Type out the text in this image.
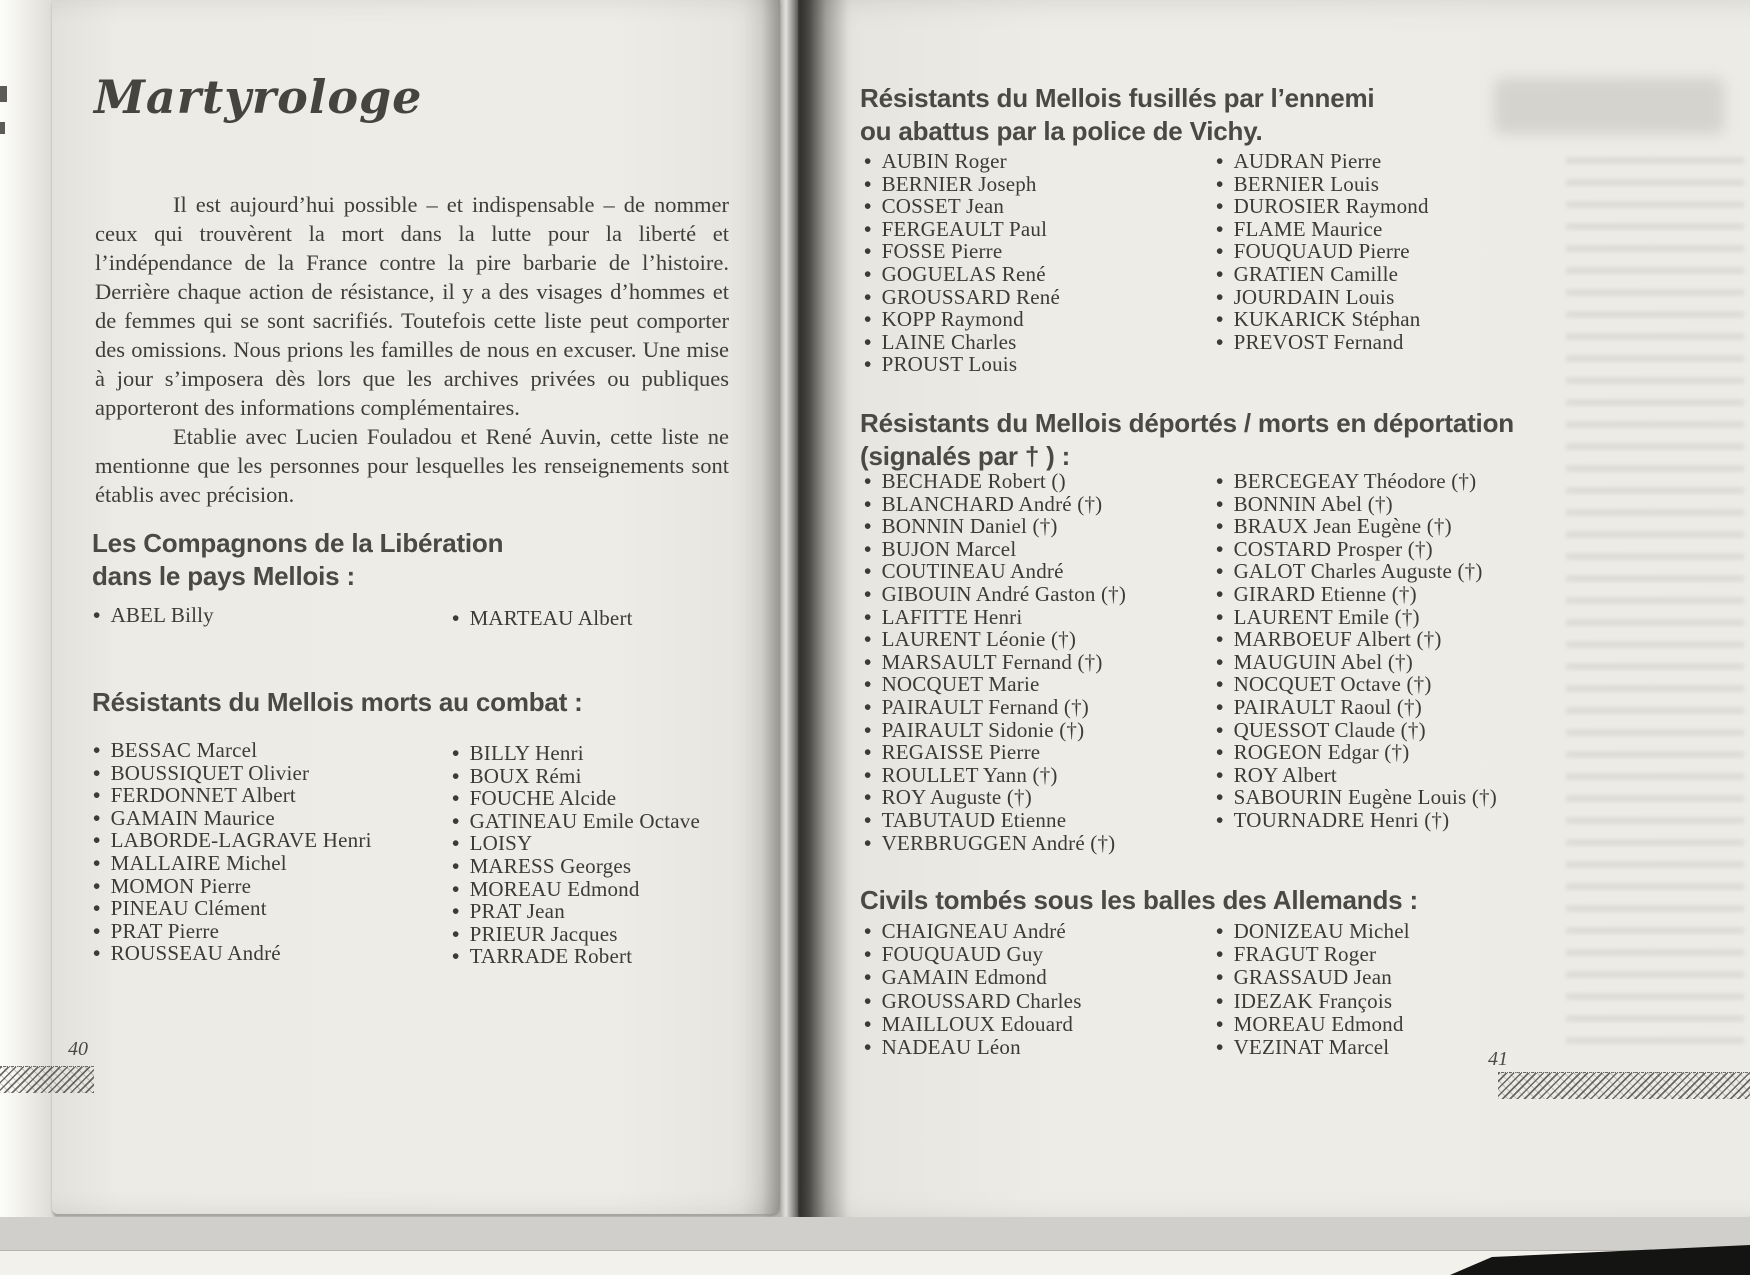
Martyrologe

Il est aujourd’hui possible – et indispensable – de nommer ceux qui trouvèrent la mort dans la lutte pour la liberté et l’indépendance de la France contre la pire barbarie de l’histoire. Derrière chaque action de résistance, il y a des visages d’hommes et de femmes qui se sont sacrifiés. Toutefois cette liste peut comporter des omissions. Nous prions les familles de nous en excuser. Une mise à jour s’imposera dès lors que les archives privées ou publiques apporteront des informations complémentaires.

Etablie avec Lucien Fouladou et René Auvin, cette liste ne mentionne que les personnes pour lesquelles les renseignements sont établis avec précision.

Les Compagnons de la Libération
dans le pays Mellois :
• ABEL Billy	• MARTEAU Albert
Résistants du Mellois morts au combat :
• BESSAC Marcel
• BOUSSIQUET Olivier
• FERDONNET Albert
• GAMAIN Maurice
• LABORDE-LAGRAVE Henri
• MALLAIRE Michel
• MOMON Pierre
• PINEAU Clément
• PRAT Pierre
• ROUSSEAU André
• BILLY Henri
• BOUX Rémi
• FOUCHE Alcide
• GATINEAU Emile Octave
• LOISY
• MARESS Georges
• MOREAU Edmond
• PRAT Jean
• PRIEUR Jacques
• TARRADE Robert
40
Résistants du Mellois fusillés par l’ennemi
ou abattus par la police de Vichy.
• AUBIN Roger
• BERNIER Joseph
• COSSET Jean
• FERGEAULT Paul
• FOSSE Pierre
• GOGUELAS René
• GROUSSARD René
• KOPP Raymond
• LAINE Charles
• PROUST Louis
• AUDRAN Pierre
• BERNIER Louis
• DUROSIER Raymond
• FLAME Maurice
• FOUQUAUD Pierre
• GRATIEN Camille
• JOURDAIN Louis
• KUKARICK Stéphan
• PREVOST Fernand
Résistants du Mellois déportés / morts en déportation
(signalés par † ) :
• BECHADE Robert ()
• BLANCHARD André (†)
• BONNIN Daniel (†)
• BUJON Marcel
• COUTINEAU André
• GIBOUIN André Gaston (†)
• LAFITTE Henri
• LAURENT Léonie (†)
• MARSAULT Fernand (†)
• NOCQUET Marie
• PAIRAULT Fernand (†)
• PAIRAULT Sidonie (†)
• REGAISSE Pierre
• ROULLET Yann (†)
• ROY Auguste (†)
• TABUTAUD Etienne
• VERBRUGGEN André (†)
• BERCEGEAY Théodore (†)
• BONNIN Abel (†)
• BRAUX Jean Eugène (†)
• COSTARD Prosper (†)
• GALOT Charles Auguste (†)
• GIRARD Etienne (†)
• LAURENT Emile (†)
• MARBOEUF Albert (†)
• MAUGUIN Abel (†)
• NOCQUET Octave (†)
• PAIRAULT Raoul (†)
• QUESSOT Claude (†)
• ROGEON Edgar (†)
• ROY Albert
• SABOURIN Eugène Louis (†)
• TOURNADRE Henri (†)
Civils tombés sous les balles des Allemands :
• CHAIGNEAU André
• FOUQUAUD Guy
• GAMAIN Edmond
• GROUSSARD Charles
• MAILLOUX Edouard
• NADEAU Léon
• DONIZEAU Michel
• FRAGUT Roger
• GRASSAUD Jean
• IDEZAK François
• MOREAU Edmond
• VEZINAT Marcel	41
